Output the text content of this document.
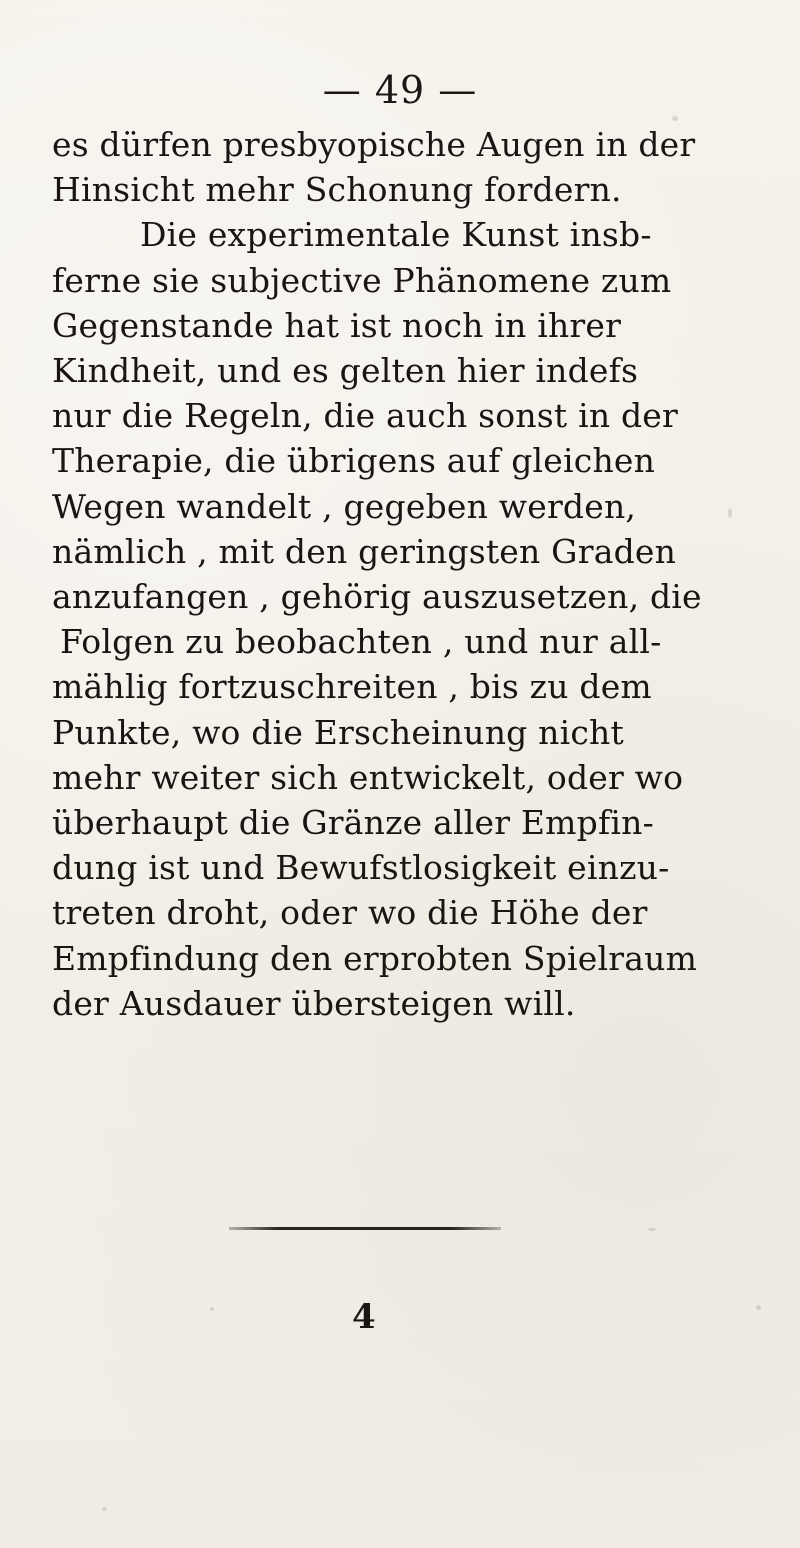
— 49 —
es dürfen presbyopische Augen in der
Hinsicht mehr Schonung fordern.
Die experimentale Kunst insb-
ferne sie subjective Phänomene zum
Gegenstande hat ist noch in ihrer
Kindheit, und es gelten hier indefs
nur die Regeln, die auch sonst in der
Therapie, die übrigens auf gleichen
Wegen wandelt , gegeben werden,
nämlich , mit den geringsten Graden
anzufangen , gehörig auszusetzen, die
Folgen zu beobachten , und nur all-
mählig fortzuschreiten , bis zu dem
Punkte, wo die Erscheinung nicht
mehr weiter sich entwickelt, oder wo
überhaupt die Gränze aller Empfin-
dung ist und Bewufstlosigkeit einzu-
treten droht, oder wo die Höhe der
Empfindung den erprobten Spielraum
der Ausdauer übersteigen will.
4
